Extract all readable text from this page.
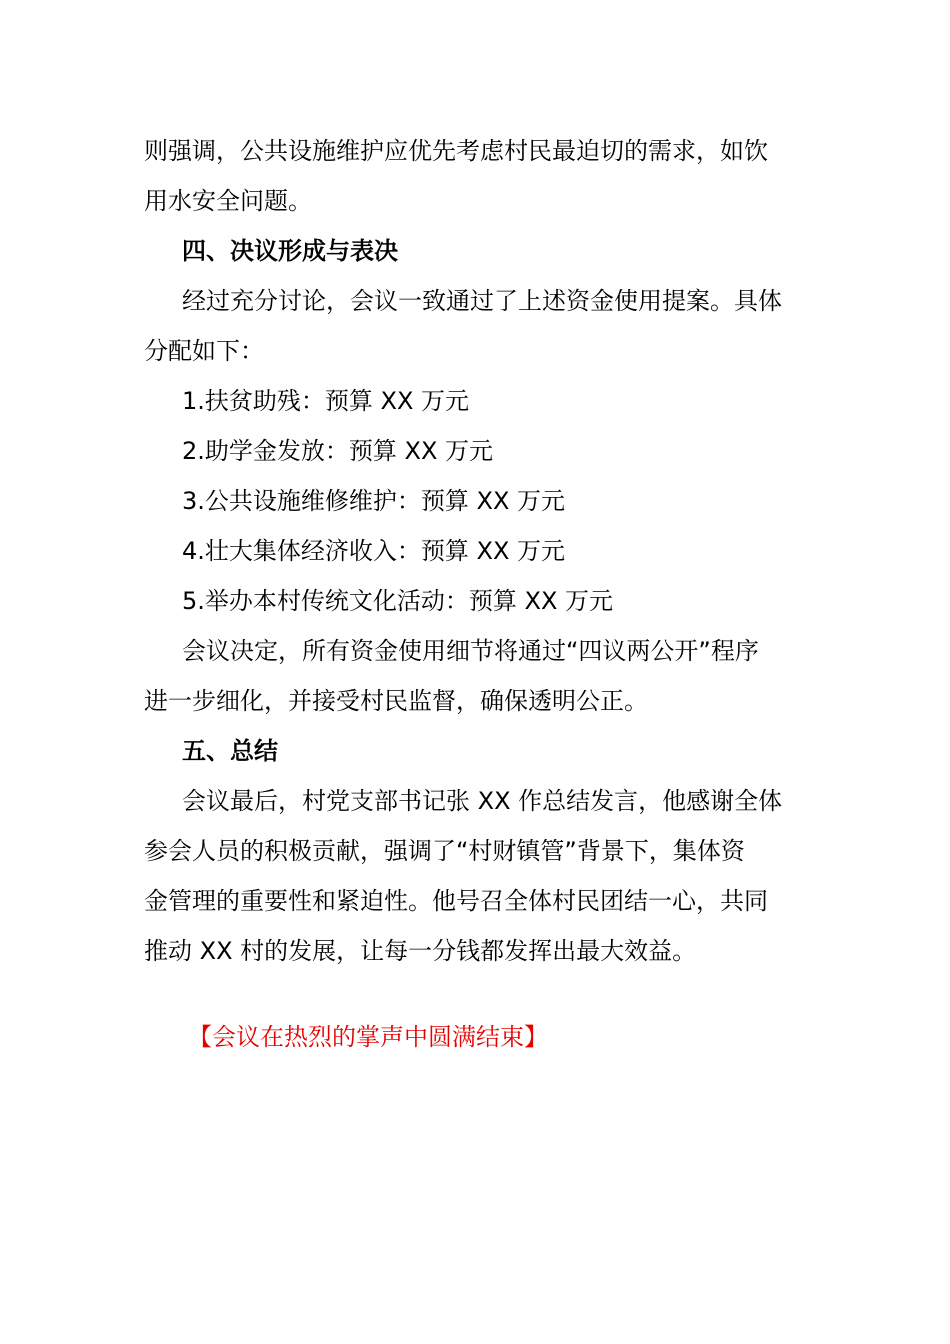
则强调，公共设施维护应优先考虑村民最迫切的需求，如饮
用水安全问题。
四、决议形成与表决
经过充分讨论，会议一致通过了上述资金使用提案。具体
分配如下：
1.扶贫助残：预算 XX 万元
2.助学金发放：预算 XX 万元
3.公共设施维修维护：预算 XX 万元
4.壮大集体经济收入：预算 XX 万元
5.举办本村传统文化活动：预算 XX 万元
会议决定，所有资金使用细节将通过“四议两公开”程序
进一步细化，并接受村民监督，确保透明公正。
五、总结
会议最后，村党支部书记张 XX 作总结发言，他感谢全体
参会人员的积极贡献，强调了“村财镇管”背景下，集体资
金管理的重要性和紧迫性。他号召全体村民团结一心，共同
推动 XX 村的发展，让每一分钱都发挥出最大效益。
【会议在热烈的掌声中圆满结束】
